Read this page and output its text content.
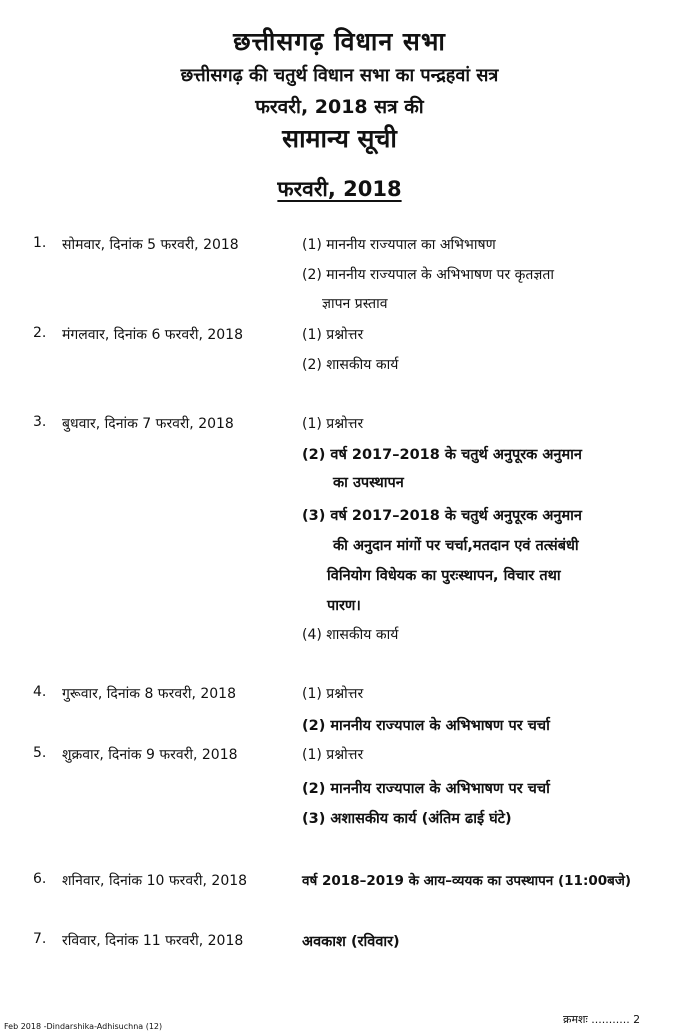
छत्तीसगढ़ विधान सभा
छत्तीसगढ़ की चतुर्थ विधान सभा का पन्द्रहवां सत्र
फरवरी, 2018 सत्र की
सामान्य सूची
फरवरी, 2018
1. सोमवार, दिनांक 5 फरवरी, 2018	(1) माननीय राज्यपाल का अभिभाषण
(2) माननीय राज्यपाल के अभिभाषण पर कृतज्ञता
ज्ञापन प्रस्ताव
2. मंगलवार, दिनांक 6 फरवरी, 2018	(1) प्रश्नोत्तर
(2) शासकीय कार्य
3. बुधवार, दिनांक 7 फरवरी, 2018	(1) प्रश्नोत्तर
(2) वर्ष 2017–2018 के चतुर्थ अनुपूरक अनुमान
का उपस्थापन
(3) वर्ष 2017–2018 के चतुर्थ अनुपूरक अनुमान
की अनुदान मांगों पर चर्चा,मतदान एवं तत्संबंधी
विनियोग विधेयक का पुरःस्थापन, विचार तथा
पारण।
(4) शासकीय कार्य
4. गुरूवार, दिनांक 8 फरवरी, 2018	(1) प्रश्नोत्तर
(2) माननीय राज्यपाल के अभिभाषण पर चर्चा
5. शुक्रवार, दिनांक 9 फरवरी, 2018	(1) प्रश्नोत्तर
(2) माननीय राज्यपाल के अभिभाषण पर चर्चा
(3) अशासकीय कार्य (अंतिम ढाई घंटे)
6. शनिवार, दिनांक 10 फरवरी, 2018	वर्ष 2018–2019 के आय–व्ययक का उपस्थापन (11:00बजे)
7. रविवार, दिनांक 11 फरवरी, 2018	अवकाश (रविवार)
क्रमशः ........... 2
Feb 2018 -Dindarshika-Adhisuchna (12)
